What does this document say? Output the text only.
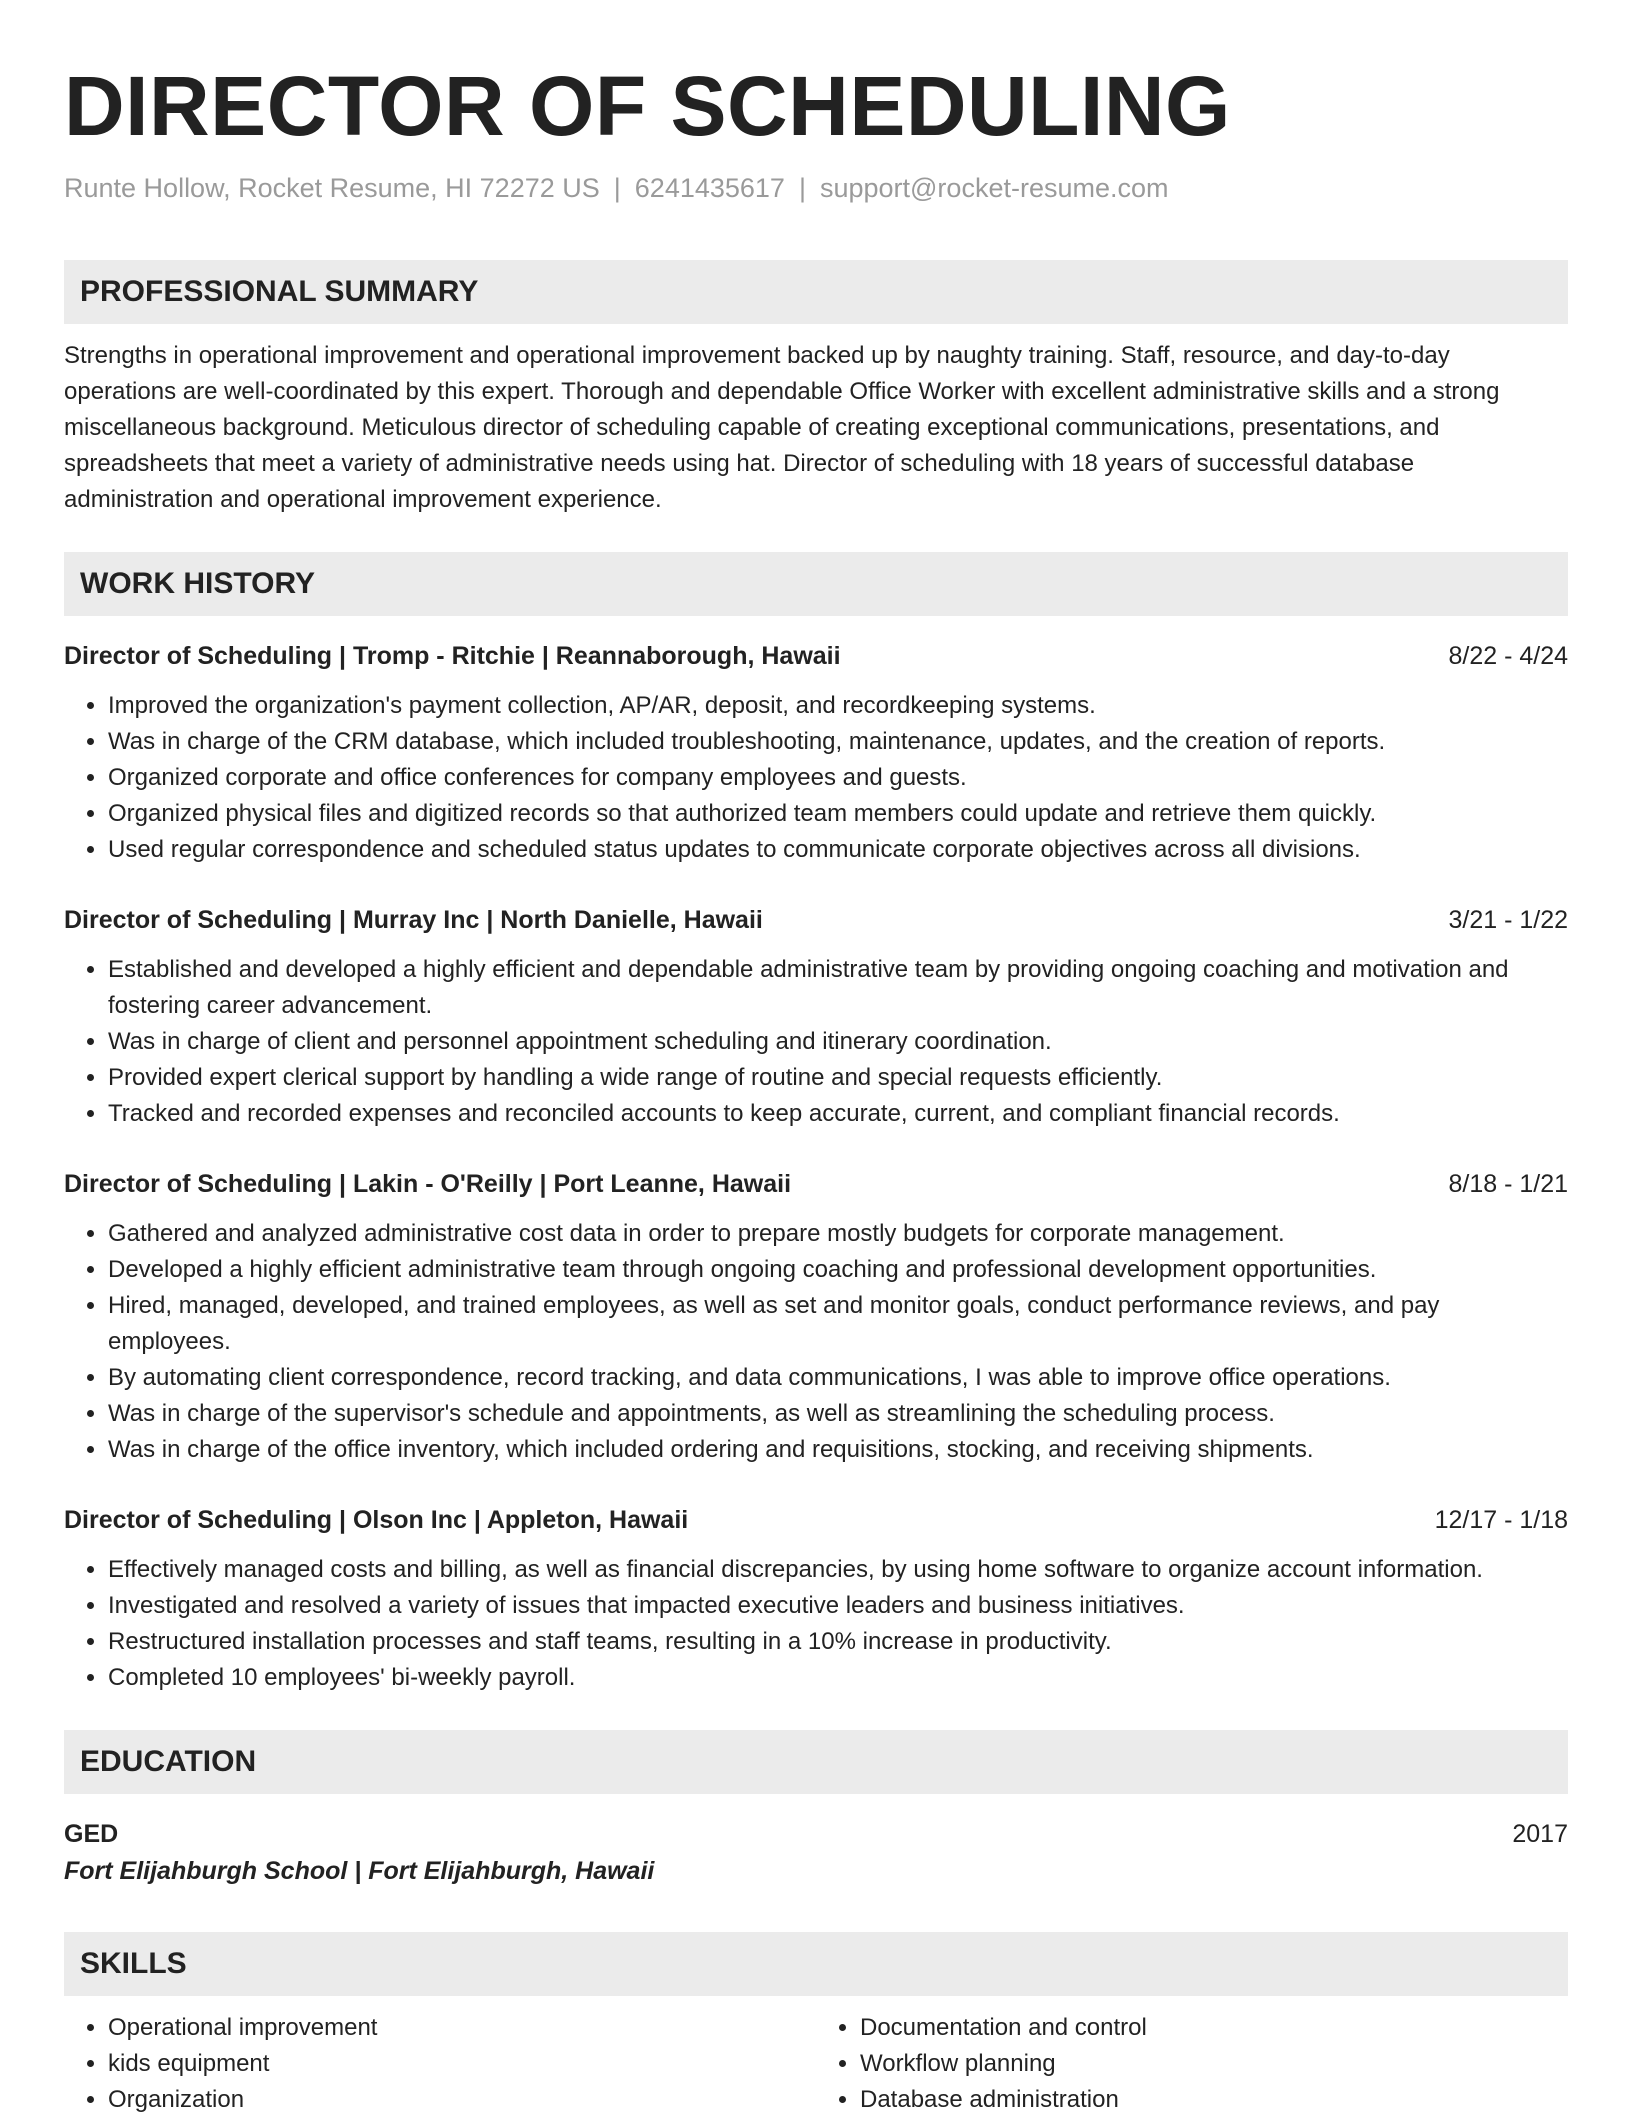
DIRECTOR OF SCHEDULING
Runte Hollow, Rocket Resume, HI 72272 US | 6241435617 | support@rocket-resume.com
PROFESSIONAL SUMMARY
Strengths in operational improvement and operational improvement backed up by naughty training. Staff, resource, and day-to-day operations are well-coordinated by this expert. Thorough and dependable Office Worker with excellent administrative skills and a strong miscellaneous background. Meticulous director of scheduling capable of creating exceptional communications, presentations, and spreadsheets that meet a variety of administrative needs using hat. Director of scheduling with 18 years of successful database administration and operational improvement experience.
WORK HISTORY
Director of Scheduling | Tromp - Ritchie | Reannaborough, Hawaii	8/22 - 4/24
• Improved the organization's payment collection, AP/AR, deposit, and recordkeeping systems.
• Was in charge of the CRM database, which included troubleshooting, maintenance, updates, and the creation of reports.
• Organized corporate and office conferences for company employees and guests.
• Organized physical files and digitized records so that authorized team members could update and retrieve them quickly.
• Used regular correspondence and scheduled status updates to communicate corporate objectives across all divisions.
Director of Scheduling | Murray Inc | North Danielle, Hawaii	3/21 - 1/22
• Established and developed a highly efficient and dependable administrative team by providing ongoing coaching and motivation and fostering career advancement.
• Was in charge of client and personnel appointment scheduling and itinerary coordination.
• Provided expert clerical support by handling a wide range of routine and special requests efficiently.
• Tracked and recorded expenses and reconciled accounts to keep accurate, current, and compliant financial records.
Director of Scheduling | Lakin - O'Reilly | Port Leanne, Hawaii	8/18 - 1/21
• Gathered and analyzed administrative cost data in order to prepare mostly budgets for corporate management.
• Developed a highly efficient administrative team through ongoing coaching and professional development opportunities.
• Hired, managed, developed, and trained employees, as well as set and monitor goals, conduct performance reviews, and pay employees.
• By automating client correspondence, record tracking, and data communications, I was able to improve office operations.
• Was in charge of the supervisor's schedule and appointments, as well as streamlining the scheduling process.
• Was in charge of the office inventory, which included ordering and requisitions, stocking, and receiving shipments.
Director of Scheduling | Olson Inc | Appleton, Hawaii	12/17 - 1/18
• Effectively managed costs and billing, as well as financial discrepancies, by using home software to organize account information.
• Investigated and resolved a variety of issues that impacted executive leaders and business initiatives.
• Restructured installation processes and staff teams, resulting in a 10% increase in productivity.
• Completed 10 employees' bi-weekly payroll.
EDUCATION
GED	2017
Fort Elijahburgh School | Fort Elijahburgh, Hawaii
SKILLS
• Operational improvement
• kids equipment
• Organization
• Documentation and control
• Workflow planning
• Database administration
